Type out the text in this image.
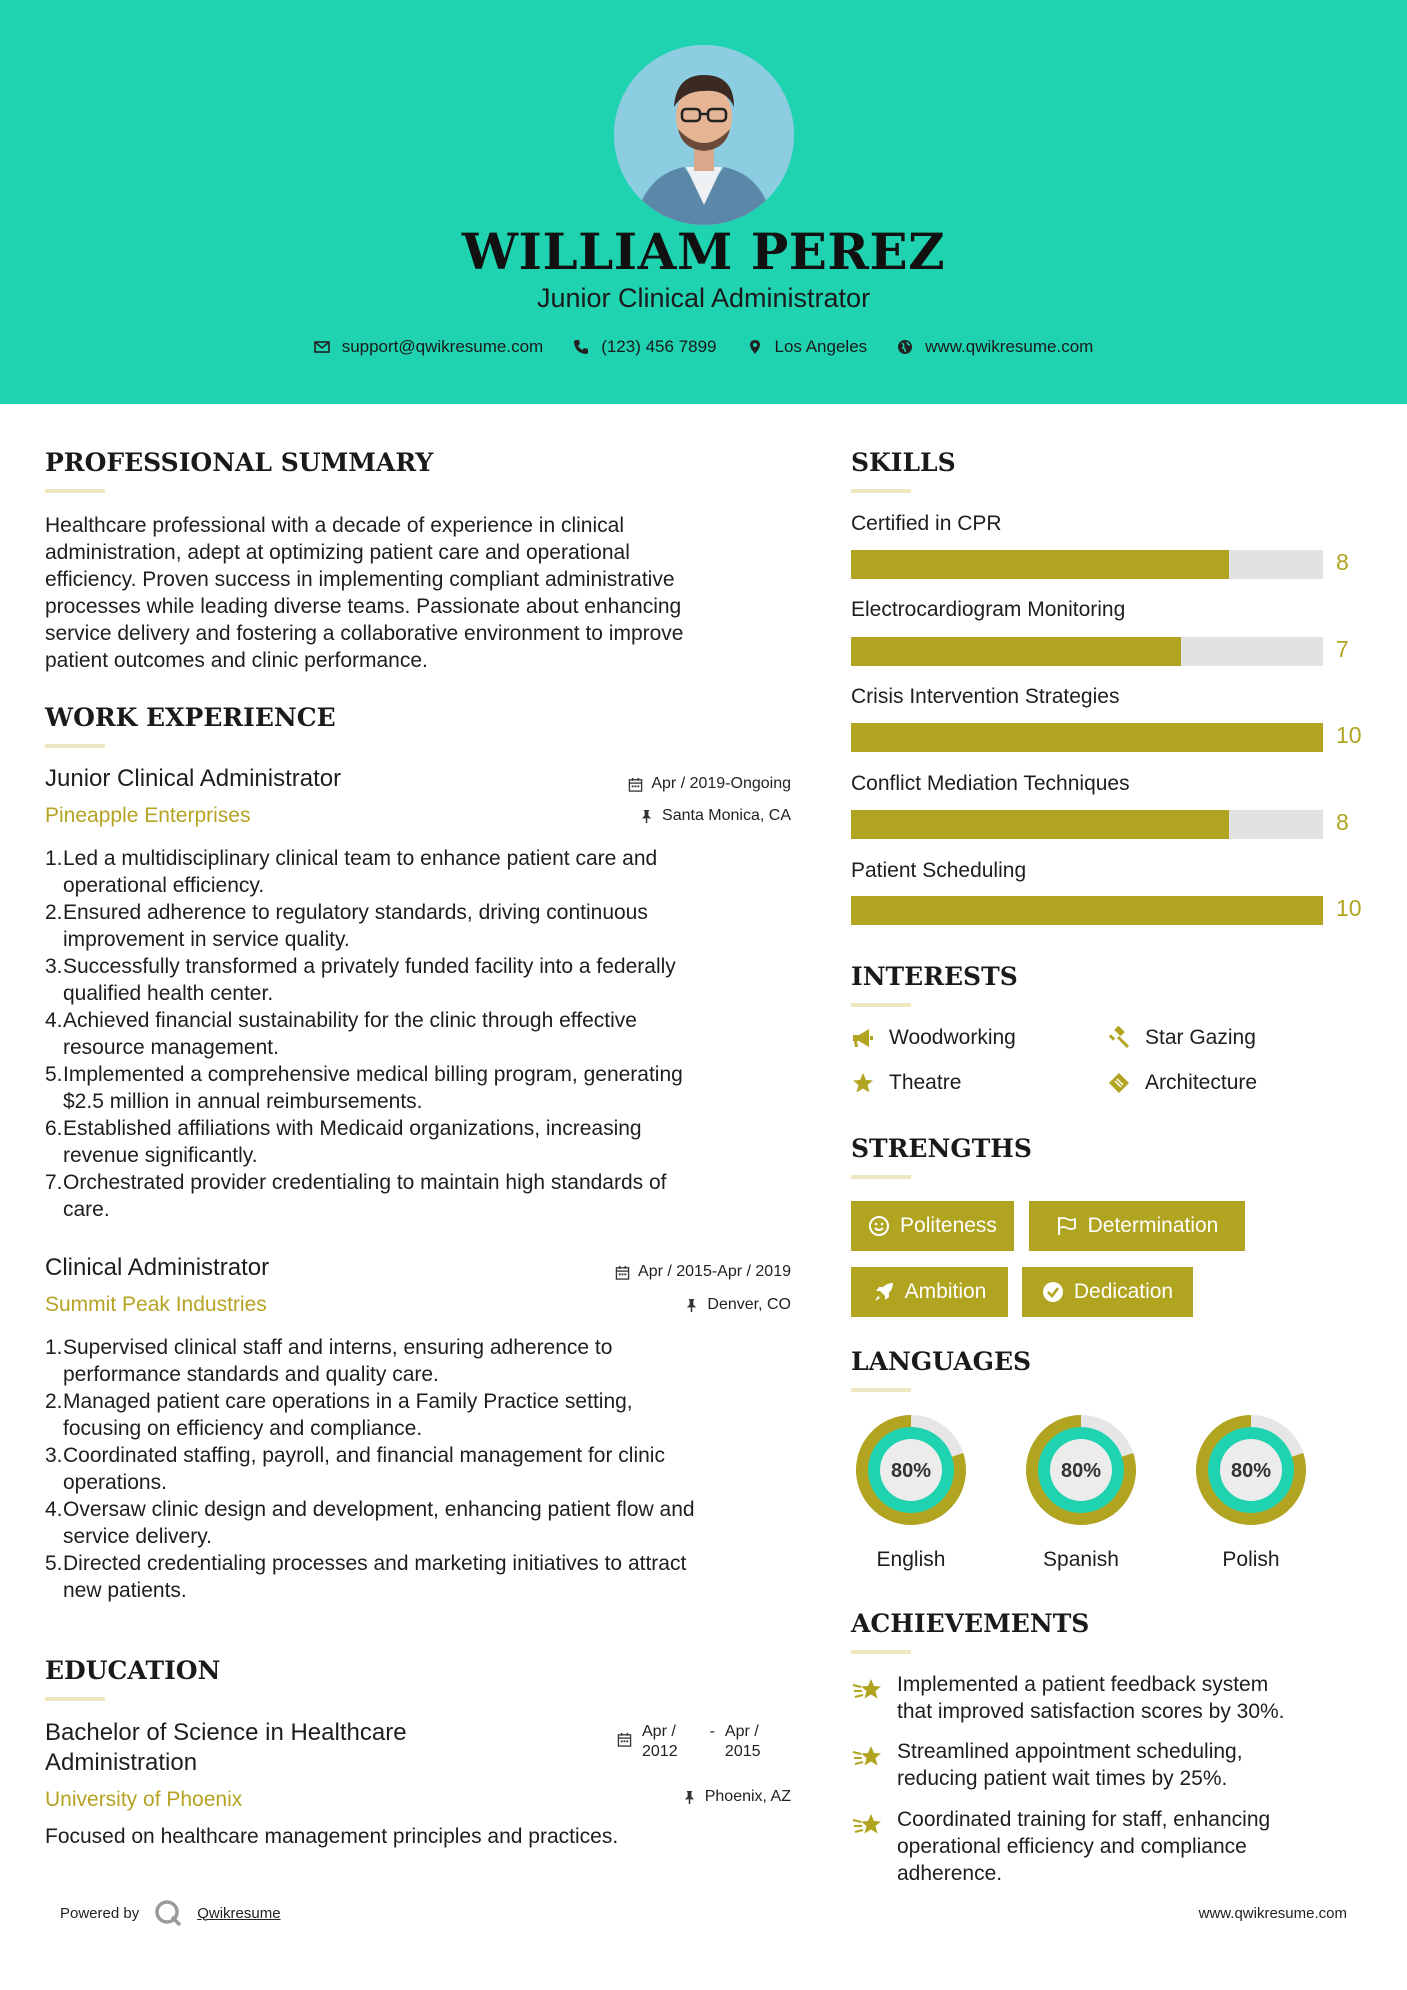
WILLIAM PEREZ
Junior Clinical Administrator
support@qwikresume.com	(123) 456 7899	Los Angeles	www.qwikresume.com
PROFESSIONAL SUMMARY
Healthcare professional with a decade of experience in clinical
administration, adept at optimizing patient care and operational
efficiency. Proven success in implementing compliant administrative
processes while leading diverse teams. Passionate about enhancing
service delivery and fostering a collaborative environment to improve
patient outcomes and clinic performance.
WORK EXPERIENCE
Junior Clinical Administrator
Pineapple Enterprises
Apr / 2019-Ongoing
Santa Monica, CA
1. Led a multidisciplinary clinical team to enhance patient care and
operational efficiency.
2. Ensured adherence to regulatory standards, driving continuous
improvement in service quality.
3. Successfully transformed a privately funded facility into a federally
qualified health center.
4. Achieved financial sustainability for the clinic through effective
resource management.
5. Implemented a comprehensive medical billing program, generating
$2.5 million in annual reimbursements.
6. Established affiliations with Medicaid organizations, increasing
revenue significantly.
7. Orchestrated provider credentialing to maintain high standards of
care.
Clinical Administrator
Summit Peak Industries
Apr / 2015-Apr / 2019
Denver, CO
1. Supervised clinical staff and interns, ensuring adherence to
performance standards and quality care.
2. Managed patient care operations in a Family Practice setting,
focusing on efficiency and compliance.
3. Coordinated staffing, payroll, and financial management for clinic
operations.
4. Oversaw clinic design and development, enhancing patient flow and
service delivery.
5. Directed credentialing processes and marketing initiatives to attract
new patients.
EDUCATION
Bachelor of Science in Healthcare
Administration
University of Phoenix
Apr /
2012
- Apr /
2015
Phoenix, AZ
Focused on healthcare management principles and practices.
SKILLS
Certified in CPR
8
Electrocardiogram Monitoring
7
Crisis Intervention Strategies
10
Conflict Mediation Techniques
8
Patient Scheduling
10
INTERESTS
Woodworking	Star Gazing
Theatre	Architecture
STRENGTHS
Politeness	Determination
Ambition	Dedication
LANGUAGES
80%
English
80%
Spanish
80%
Polish
ACHIEVEMENTS
Implemented a patient feedback system
that improved satisfaction scores by 30%.
Streamlined appointment scheduling,
reducing patient wait times by 25%.
Coordinated training for staff, enhancing
operational efficiency and compliance
adherence.
Powered by	Qwikresume	www.qwikresume.com
